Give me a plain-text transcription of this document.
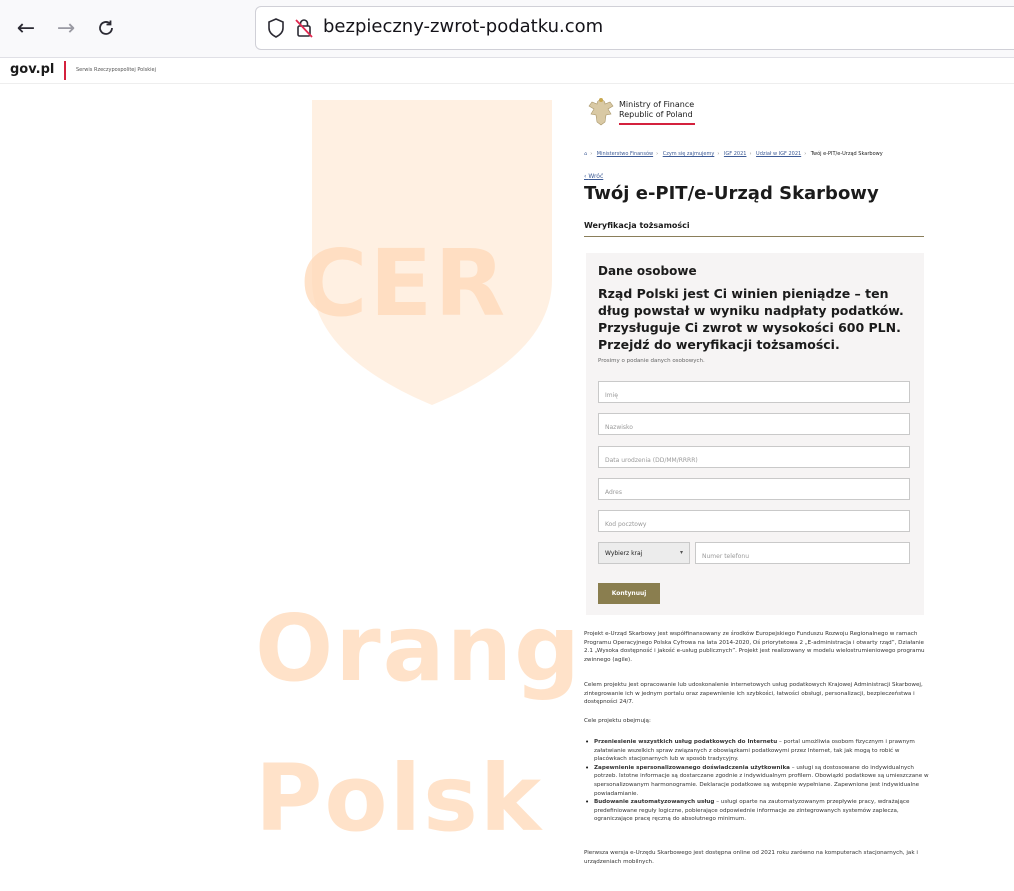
← →	bezpieczny-zwrot-podatku.com
gov.pl	Serwis Rzeczypospolitej Polskiej
CER
Orang
Polsk
Ministry of Finance
Republic of Poland
⌂ › Ministerstwo Finansów › Czym się zajmujemy › IGF 2021 › Udział w IGF 2021 › Twój e-PIT/e-Urząd Skarbowy
‹ Wróć
Twój e-PIT/e-Urząd Skarbowy
Weryfikacja tożsamości
Dane osobowe

Rząd Polski jest Ci winien pieniądze – ten dług powstał w wyniku nadpłaty podatków. Przysługuje Ci zwrot w wysokości 600 PLN. Przejdź do weryfikacji tożsamości.

Prosimy o podanie danych osobowych.
Imię
Nazwisko
Data urodzenia (DD/MM/RRRR)
Adres
Kod pocztowy
Wybierz kraj	▾
Numer telefonu
Kontynuuj

Projekt e-Urząd Skarbowy jest współfinansowany ze środków Europejskiego Funduszu Rozwoju Regionalnego w ramach Programu Operacyjnego Polska Cyfrowa na lata 2014-2020, Oś priorytetowa 2 „E-administracja i otwarty rząd”, Działanie 2.1 „Wysoka dostępność i jakość e-usług publicznych”. Projekt jest realizowany w modelu wielostrumieniowego programu zwinnego (agile).

Celem projektu jest opracowanie lub udoskonalenie internetowych usług podatkowych Krajowej Administracji Skarbowej, zintegrowanie ich w jednym portalu oraz zapewnienie ich szybkości, łatwości obsługi, personalizacji, bezpieczeństwa i dostępności 24/7.

Cele projektu obejmują:

• Przeniesienie wszystkich usług podatkowych do Internetu – portal umożliwia osobom fizycznym i prawnym załatwianie wszelkich spraw związanych z obowiązkami podatkowymi przez Internet, tak jak mogą to robić w placówkach stacjonarnych lub w sposób tradycyjny.
• Zapewnienie spersonalizowanego doświadczenia użytkownika – usługi są dostosowane do indywidualnych potrzeb. Istotne informacje są dostarczane zgodnie z indywidualnym profilem. Obowiązki podatkowe są umieszczane w spersonalizowanym harmonogramie. Deklaracje podatkowe są wstępnie wypełniane. Zapewnione jest indywidualne powiadamianie.
• Budowanie zautomatyzowanych usług – usługi oparte na zautomatyzowanym przepływie pracy, wdrażające predefiniowane reguły logiczne, pobierające odpowiednie informacje ze zintegrowanych systemów zaplecza, ograniczające pracę ręczną do absolutnego minimum.

Pierwsza wersja e-Urzędu Skarbowego jest dostępna online od 2021 roku zarówno na komputerach stacjonarnych, jak i urządzeniach mobilnych.
